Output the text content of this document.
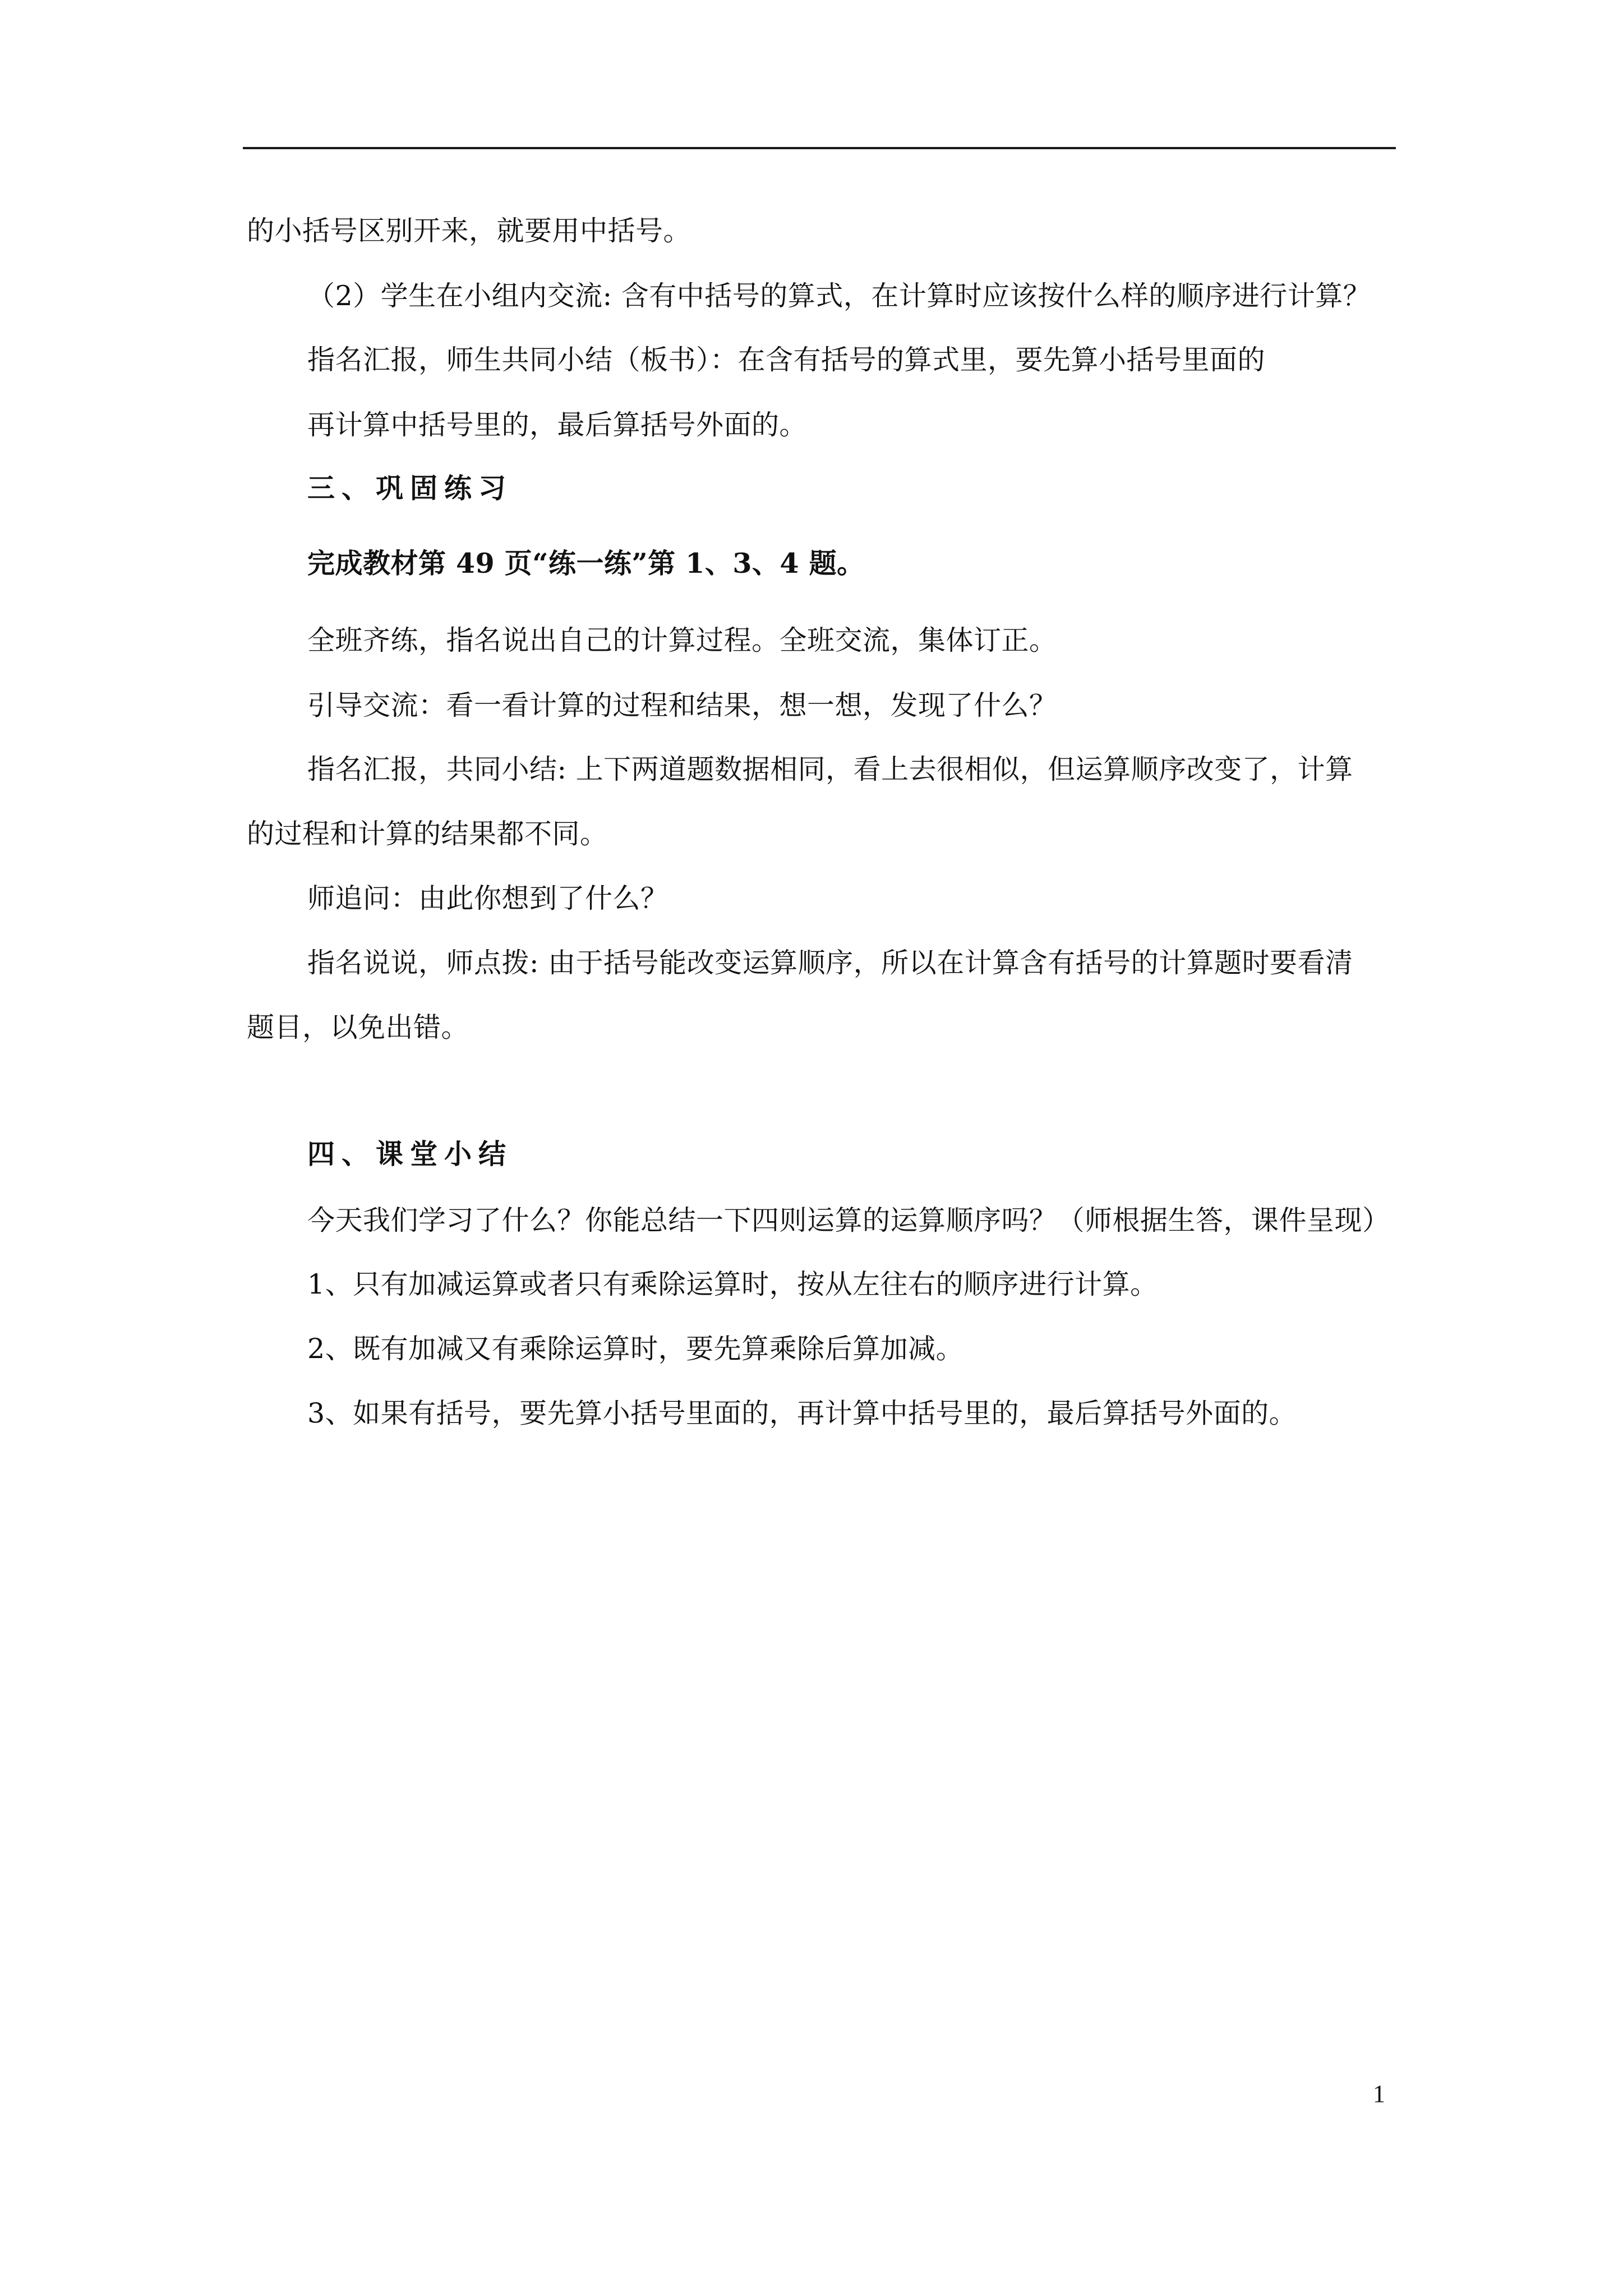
的小括号区别开来，就要用中括号。
（2）学生在小组内交流: 含有中括号的算式，在计算时应该按什么样的顺序进行计算？
指名汇报，师生共同小结（板书）：在含有括号的算式里，要先算小括号里面的
再计算中括号里的，最后算括号外面的。
三、巩固练习
完成教材第 49 页“练一练”第 1、3、4 题。
全班齐练，指名说出自己的计算过程。全班交流，集体订正。
引导交流：看一看计算的过程和结果，想一想，发现了什么？
指名汇报，共同小结: 上下两道题数据相同，看上去很相似，但运算顺序改变了，计算
的过程和计算的结果都不同。
师追问：由此你想到了什么？
指名说说，师点拨: 由于括号能改变运算顺序，所以在计算含有括号的计算题时要看清
题目，以免出错。
四、课堂小结
今天我们学习了什么？你能总结一下四则运算的运算顺序吗？（师根据生答，课件呈现）
1、只有加减运算或者只有乘除运算时，按从左往右的顺序进行计算。
2、既有加减又有乘除运算时，要先算乘除后算加减。
3、如果有括号，要先算小括号里面的，再计算中括号里的，最后算括号外面的。
1
